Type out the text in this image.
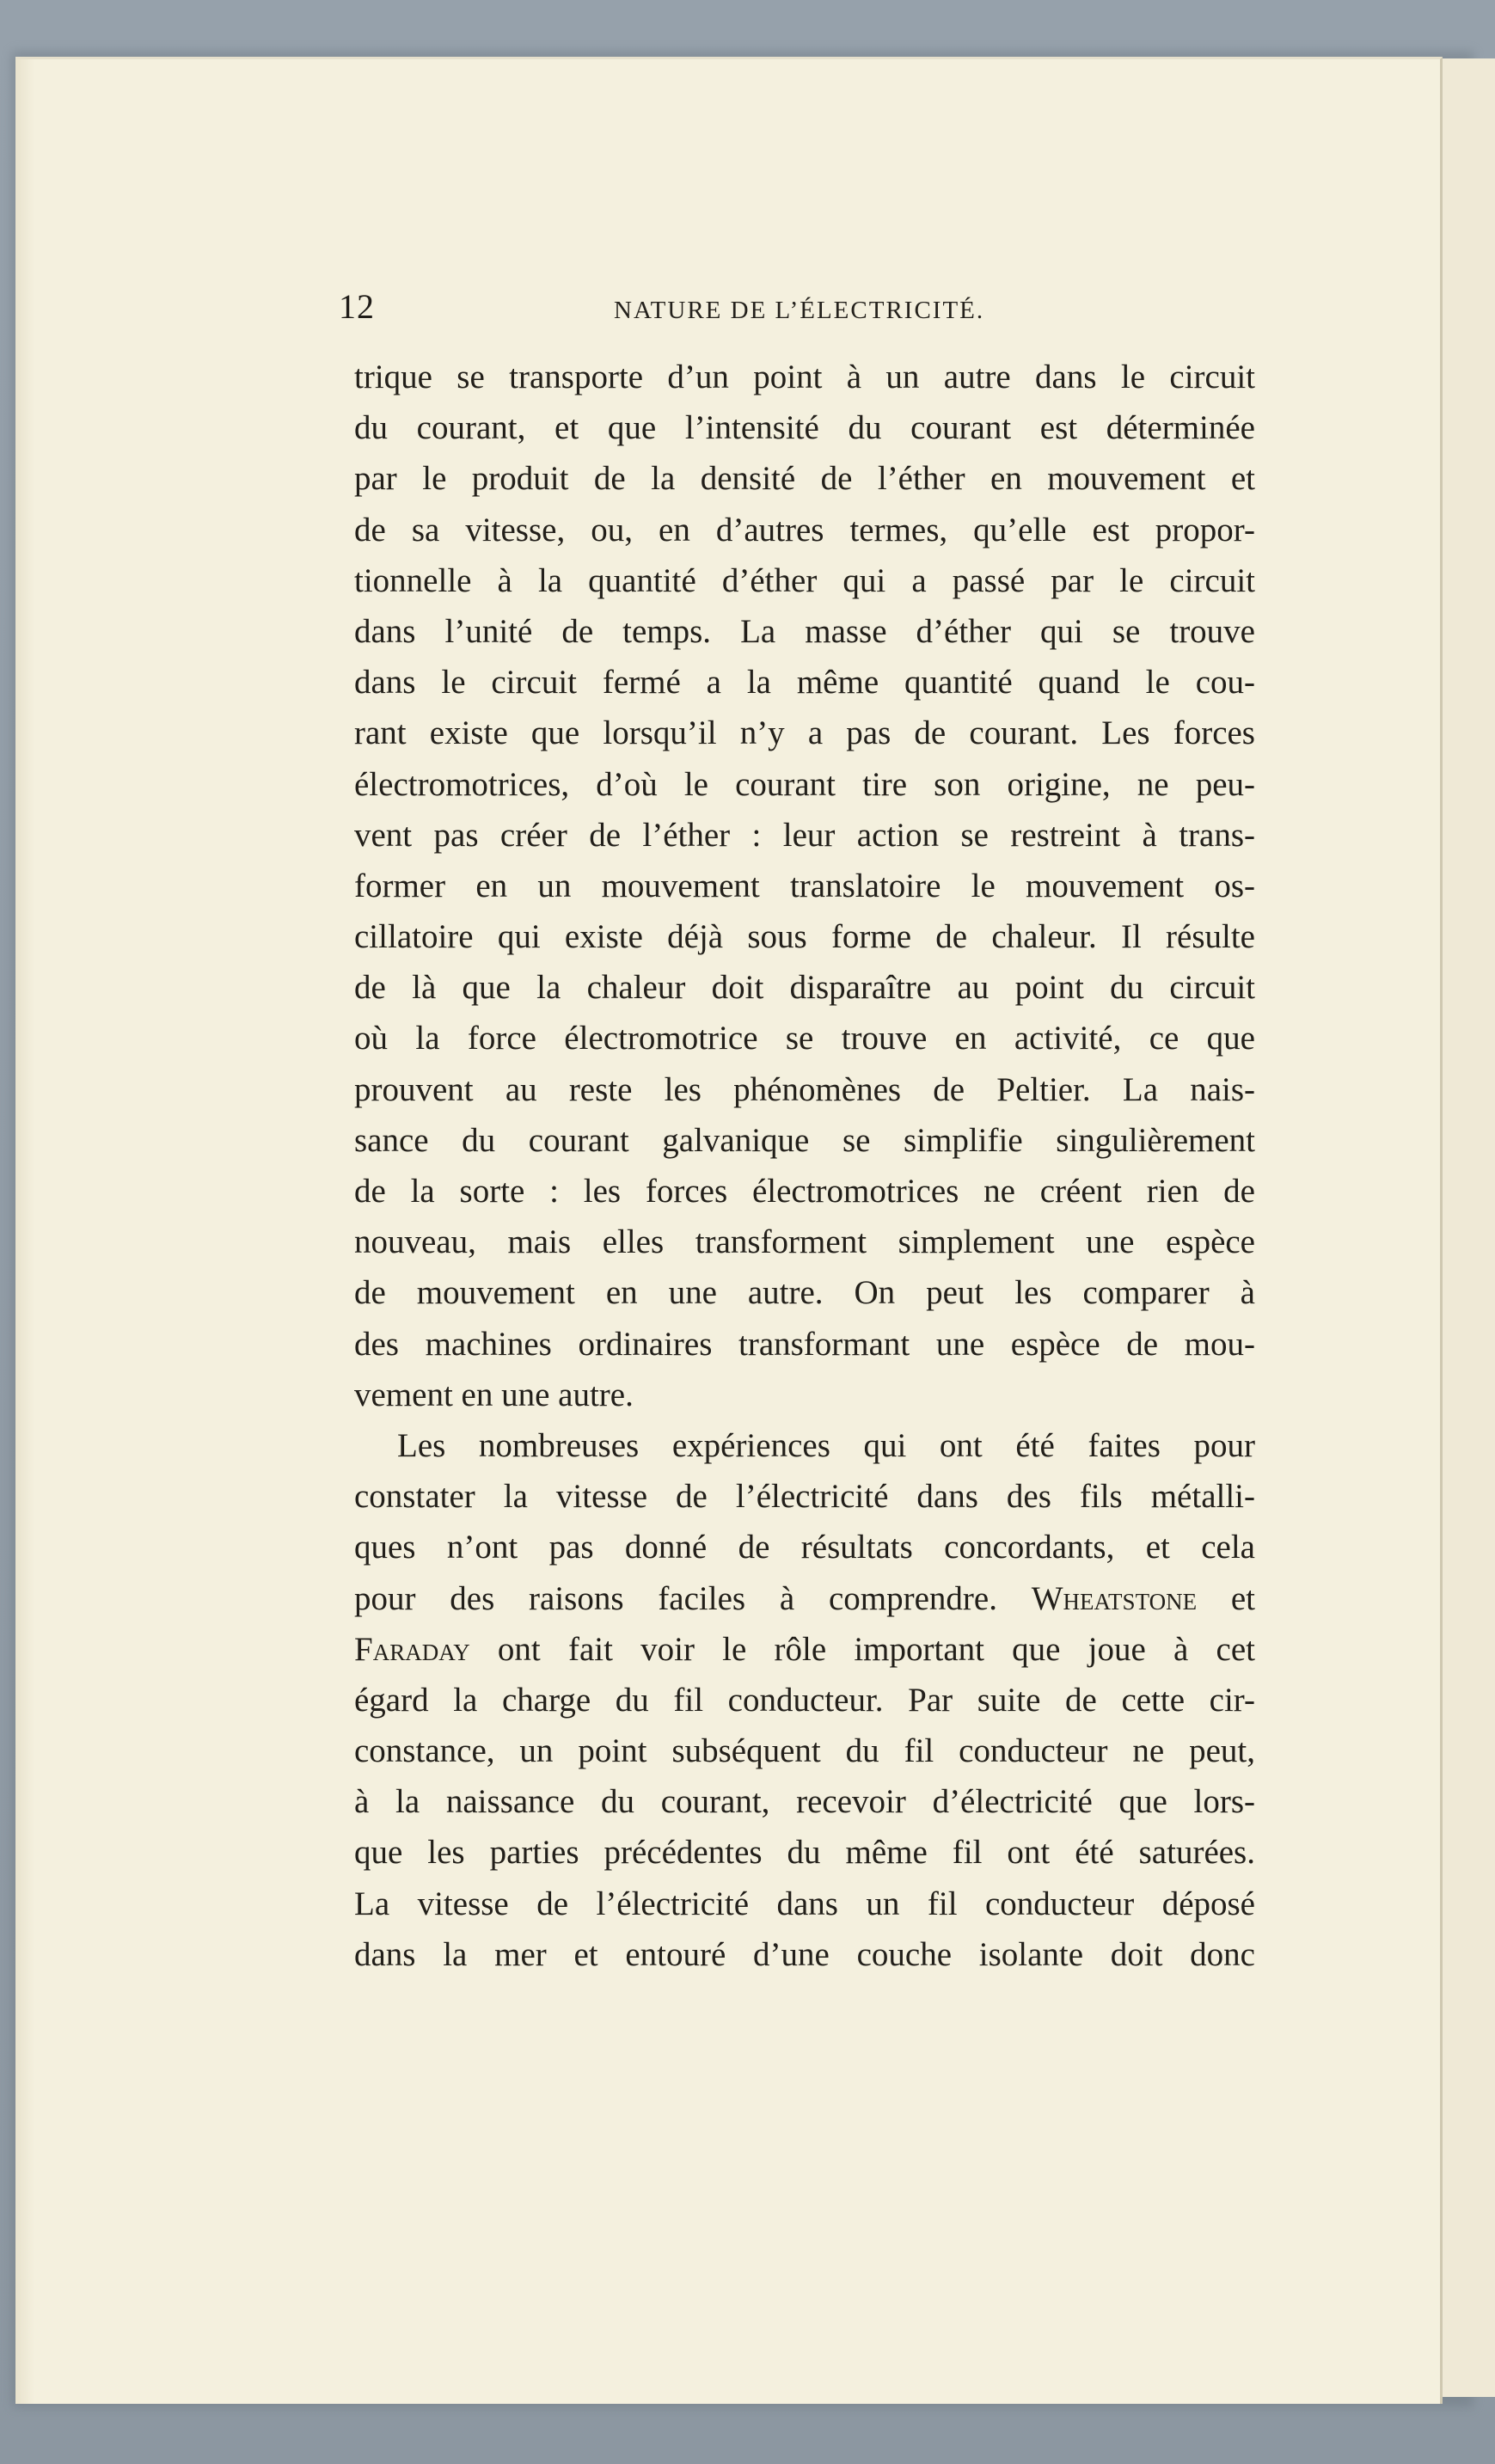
12	NATURE DE L’ÉLECTRICITÉ.
trique se transporte d’un point à un autre dans le circuit
du courant, et que l’intensité du courant est déterminée
par le produit de la densité de l’éther en mouvement et
de sa vitesse, ou, en d’autres termes, qu’elle est propor-
tionnelle à la quantité d’éther qui a passé par le circuit
dans l’unité de temps. La masse d’éther qui se trouve
dans le circuit fermé a la même quantité quand le cou-
rant existe que lorsqu’il n’y a pas de courant. Les forces
électromotrices, d’où le courant tire son origine, ne peu-
vent pas créer de l’éther : leur action se restreint à trans-
former en un mouvement translatoire le mouvement os-
cillatoire qui existe déjà sous forme de chaleur. Il résulte
de là que la chaleur doit disparaître au point du circuit
où la force électromotrice se trouve en activité, ce que
prouvent au reste les phénomènes de Peltier. La nais-
sance du courant galvanique se simplifie singulièrement
de la sorte : les forces électromotrices ne créent rien de
nouveau, mais elles transforment simplement une espèce
de mouvement en une autre. On peut les comparer à
des machines ordinaires transformant une espèce de mou-
vement en une autre.
Les nombreuses expériences qui ont été faites pour
constater la vitesse de l’électricité dans des fils métalli-
ques n’ont pas donné de résultats concordants, et cela
pour des raisons faciles à comprendre. Wheatstone et
Faraday ont fait voir le rôle important que joue à cet
égard la charge du fil conducteur. Par suite de cette cir-
constance, un point subséquent du fil conducteur ne peut,
à la naissance du courant, recevoir d’électricité que lors-
que les parties précédentes du même fil ont été saturées.
La vitesse de l’électricité dans un fil conducteur déposé
dans la mer et entouré d’une couche isolante doit donc
